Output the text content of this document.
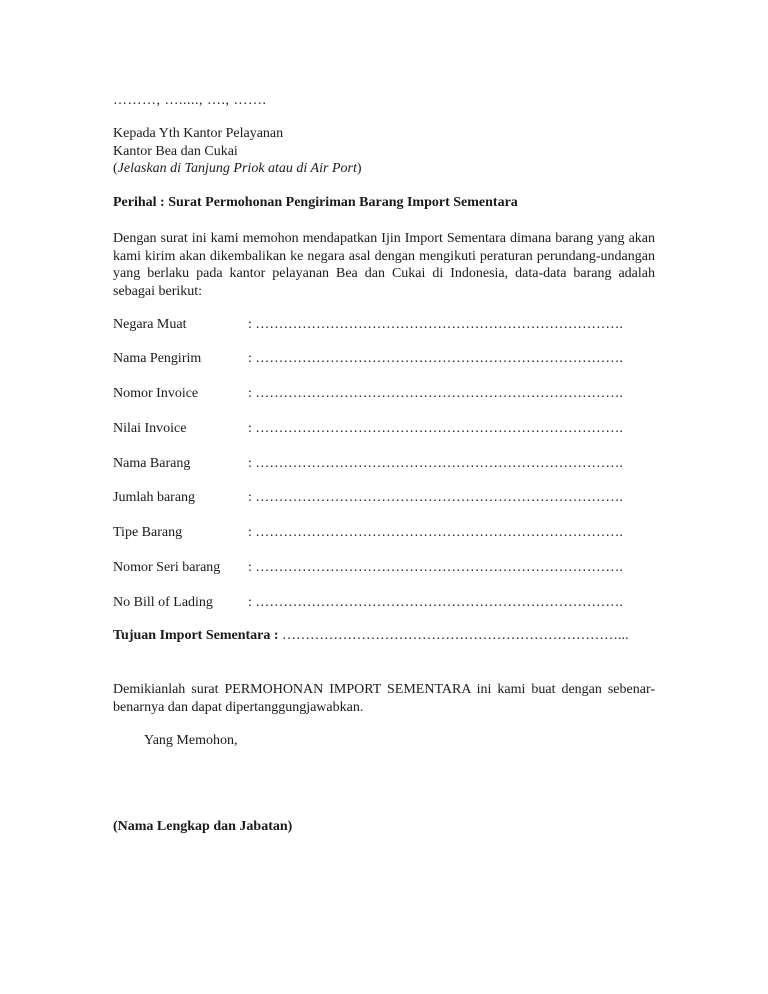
………, …....., …., …….
Kepada Yth Kantor Pelayanan
Kantor Bea dan Cukai
(Jelaskan di Tanjung Priok atau di Air Port)
Perihal : Surat Permohonan Pengiriman Barang Import Sementara
Dengan surat ini kami memohon mendapatkan Ijin Import Sementara dimana barang yang akan kami kirim akan dikembalikan ke negara asal dengan mengikuti peraturan perundang-undangan yang berlaku pada kantor pelayanan Bea dan Cukai di Indonesia, data-data barang adalah sebagai berikut:
Negara Muat	: …………………………………………………………………….
Nama Pengirim	: …………………………………………………………………….
Nomor Invoice	: …………………………………………………………………….
Nilai Invoice	: …………………………………………………………………….
Nama Barang	: …………………………………………………………………….
Jumlah barang	: …………………………………………………………………….
Tipe Barang	: …………………………………………………………………….
Nomor Seri barang : …………………………………………………………………….
No Bill of Lading	: …………………………………………………………………….
Tujuan Import Sementara : ………………………………………………………………...
Demikianlah surat PERMOHONAN IMPORT SEMENTARA ini kami buat dengan sebenar-benarnya dan dapat dipertanggungjawabkan.
Yang Memohon,
(Nama Lengkap dan Jabatan)
